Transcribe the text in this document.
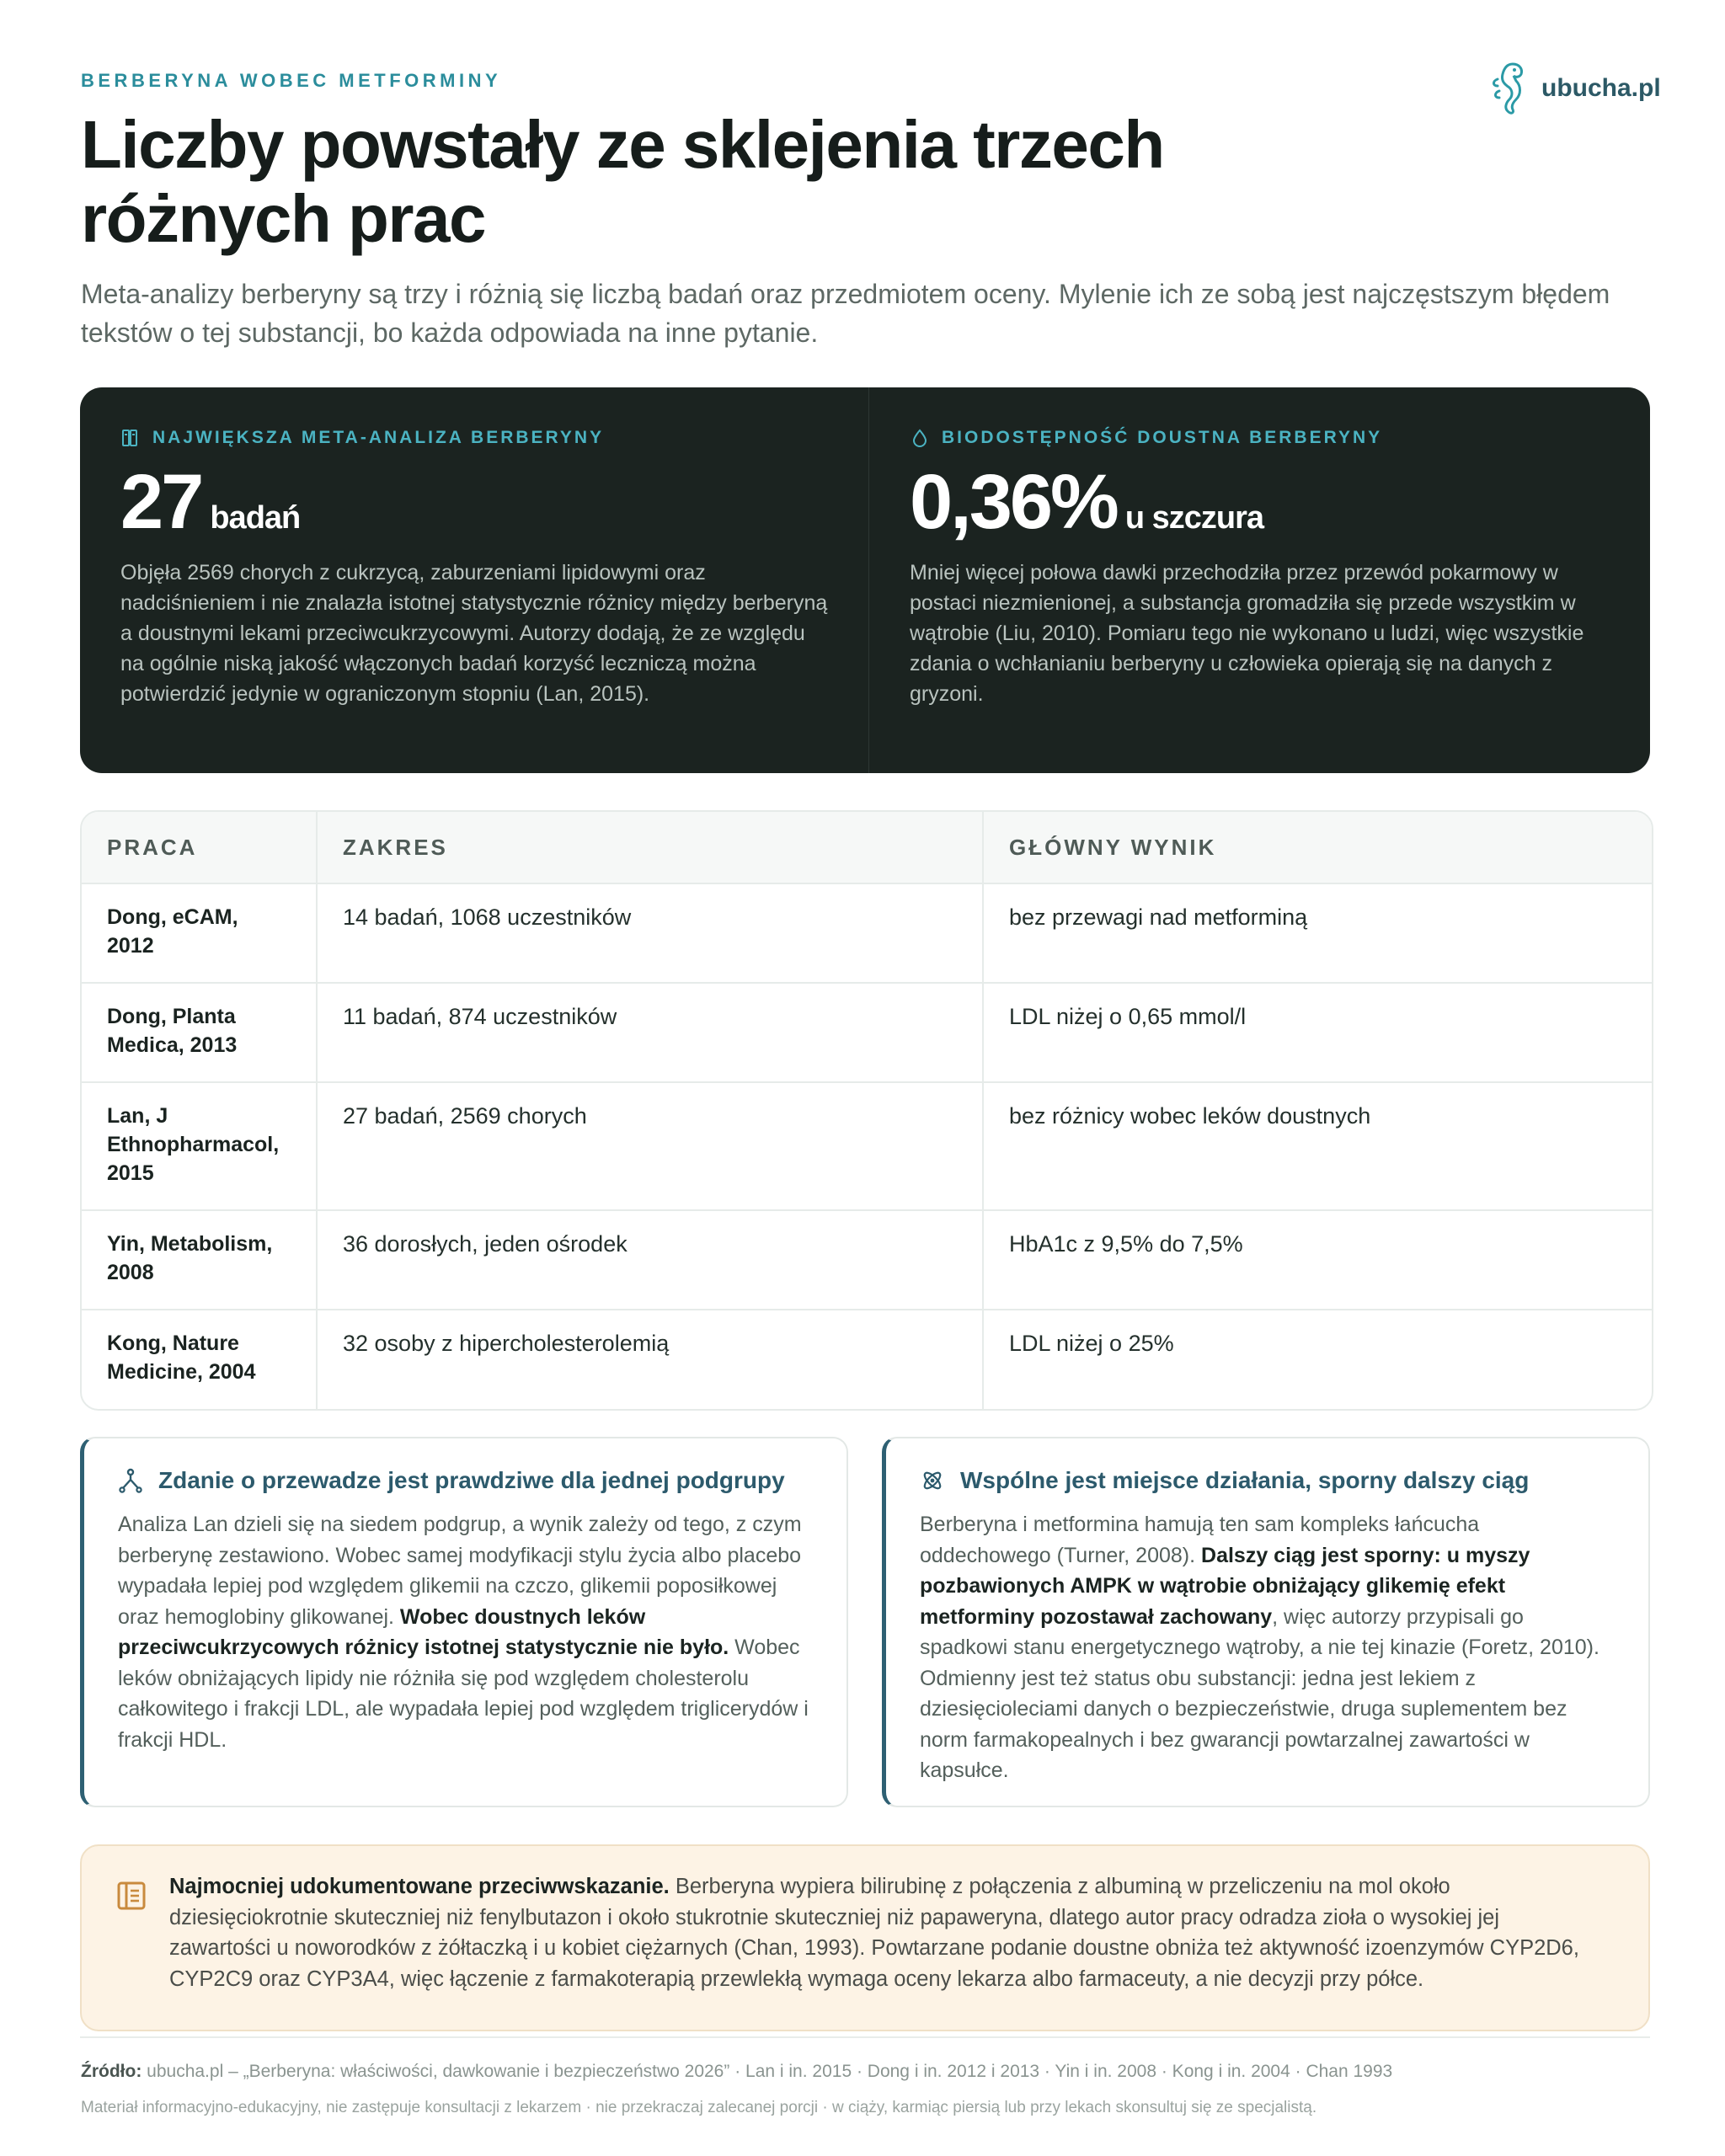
BERBERYNA WOBEC METFORMINY
Liczby powstały ze sklejenia trzech różnych prac

Meta-analizy berberyny są trzy i różnią się liczbą badań oraz przedmiotem oceny. Mylenie ich ze sobą jest najczęstszym błędem tekstów o tej substancji, bo każda odpowiada na inne pytanie.

ubucha.pl
NAJWIĘKSZA META-ANALIZA BERBERYNY
27 badań
Objęła 2569 chorych z cukrzycą, zaburzeniami lipidowymi oraz nadciśnieniem i nie znalazła istotnej statystycznie różnicy między berberyną a doustnymi lekami przeciwcukrzycowymi. Autorzy dodają, że ze względu na ogólnie niską jakość włączonych badań korzyść leczniczą można potwierdzić jedynie w ograniczonym stopniu (Lan, 2015).
BIODOSTĘPNOŚĆ DOUSTNA BERBERYNY
0,36% u szczura
Mniej więcej połowa dawki przechodziła przez przewód pokarmowy w postaci niezmienionej, a substancja gromadziła się przede wszystkim w wątrobie (Liu, 2010). Pomiaru tego nie wykonano u ludzi, więc wszystkie zdania o wchłanianiu berberyny u człowieka opierają się na danych z gryzoni.
PRACA	ZAKRES	GŁÓWNY WYNIK
Dong, eCAM, 2012	14 badań, 1068 uczestników	bez przewagi nad metforminą
Dong, Planta Medica, 2013	11 badań, 874 uczestników	LDL niżej o 0,65 mmol/l
Lan, J Ethnopharmacol, 2015	27 badań, 2569 chorych	bez różnicy wobec leków doustnych
Yin, Metabolism, 2008	36 dorosłych, jeden ośrodek	HbA1c z 9,5% do 7,5%
Kong, Nature Medicine, 2004	32 osoby z hipercholesterolemią	LDL niżej o 25%
Zdanie o przewadze jest prawdziwe dla jednej podgrupy
Analiza Lan dzieli się na siedem podgrup, a wynik zależy od tego, z czym berberynę zestawiono. Wobec samej modyfikacji stylu życia albo placebo wypadała lepiej pod względem glikemii na czczo, glikemii poposiłkowej oraz hemoglobiny glikowanej. Wobec doustnych leków przeciwcukrzycowych różnicy istotnej statystycznie nie było. Wobec leków obniżających lipidy nie różniła się pod względem cholesterolu całkowitego i frakcji LDL, ale wypadała lepiej pod względem triglicerydów i frakcji HDL.
Wspólne jest miejsce działania, sporny dalszy ciąg
Berberyna i metformina hamują ten sam kompleks łańcucha oddechowego (Turner, 2008). Dalszy ciąg jest sporny: u myszy pozbawionych AMPK w wątrobie obniżający glikemię efekt metforminy pozostawał zachowany, więc autorzy przypisali go spadkowi stanu energetycznego wątroby, a nie tej kinazie (Foretz, 2010). Odmienny jest też status obu substancji: jedna jest lekiem z dziesięcioleciami danych o bezpieczeństwie, druga suplementem bez norm farmakopealnych i bez gwarancji powtarzalnej zawartości w kapsułce.
Najmocniej udokumentowane przeciwwskazanie. Berberyna wypiera bilirubinę z połączenia z albuminą w przeliczeniu na mol około dziesięciokrotnie skuteczniej niż fenylbutazon i około stukrotnie skuteczniej niż papaweryna, dlatego autor pracy odradza zioła o wysokiej jej zawartości u noworodków z żółtaczką i u kobiet ciężarnych (Chan, 1993). Powtarzane podanie doustne obniża też aktywność izoenzymów CYP2D6, CYP2C9 oraz CYP3A4, więc łączenie z farmakoterapią przewlekłą wymaga oceny lekarza albo farmaceuty, a nie decyzji przy półce.
Źródło: ubucha.pl – „Berberyna: właściwości, dawkowanie i bezpieczeństwo 2026” · Lan i in. 2015 · Dong i in. 2012 i 2013 · Yin i in. 2008 · Kong i in. 2004 · Chan 1993
Materiał informacyjno-edukacyjny, nie zastępuje konsultacji z lekarzem · nie przekraczaj zalecanej porcji · w ciąży, karmiąc piersią lub przy lekach skonsultuj się ze specjalistą.
